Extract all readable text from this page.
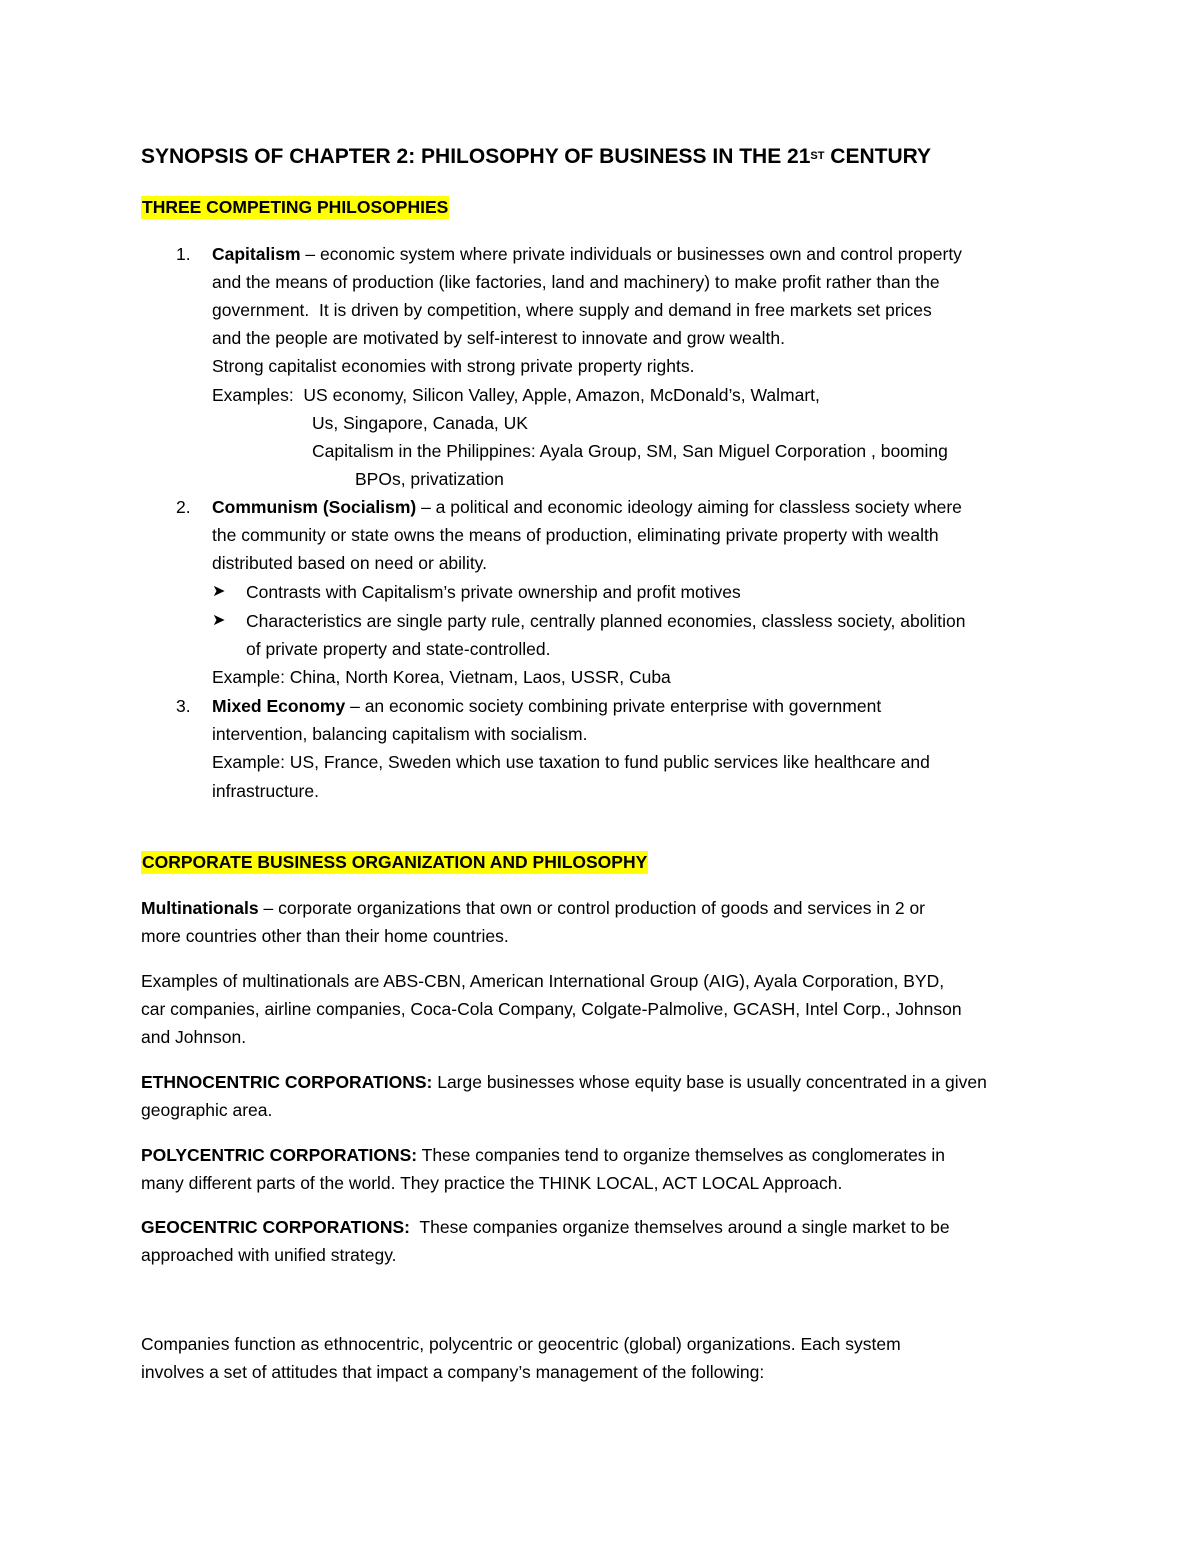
SYNOPSIS OF CHAPTER 2: PHILOSOPHY OF BUSINESS IN THE 21ST CENTURY
THREE COMPETING PHILOSOPHIES
1. Capitalism – economic system where private individuals or businesses own and control property
and the means of production (like factories, land and machinery) to make profit rather than the
government.  It is driven by competition, where supply and demand in free markets set prices
and the people are motivated by self-interest to innovate and grow wealth.
Strong capitalist economies with strong private property rights.
Examples:  US economy, Silicon Valley, Apple, Amazon, McDonald’s, Walmart,
Us, Singapore, Canada, UK
Capitalism in the Philippines: Ayala Group, SM, San Miguel Corporation , booming
BPOs, privatization
2. Communism (Socialism) – a political and economic ideology aiming for classless society where
the community or state owns the means of production, eliminating private property with wealth
distributed based on need or ability.
➤ Contrasts with Capitalism’s private ownership and profit motives
➤ Characteristics are single party rule, centrally planned economies, classless society, abolition
of private property and state-controlled.
Example: China, North Korea, Vietnam, Laos, USSR, Cuba
3. Mixed Economy – an economic society combining private enterprise with government
intervention, balancing capitalism with socialism.
Example: US, France, Sweden which use taxation to fund public services like healthcare and
infrastructure.
CORPORATE BUSINESS ORGANIZATION AND PHILOSOPHY
Multinationals – corporate organizations that own or control production of goods and services in 2 or
more countries other than their home countries.
Examples of multinationals are ABS-CBN, American International Group (AIG), Ayala Corporation, BYD,
car companies, airline companies, Coca-Cola Company, Colgate-Palmolive, GCASH, Intel Corp., Johnson
and Johnson.
ETHNOCENTRIC CORPORATIONS: Large businesses whose equity base is usually concentrated in a given
geographic area.
POLYCENTRIC CORPORATIONS: These companies tend to organize themselves as conglomerates in
many different parts of the world. They practice the THINK LOCAL, ACT LOCAL Approach.
GEOCENTRIC CORPORATIONS:  These companies organize themselves around a single market to be
approached with unified strategy.
Companies function as ethnocentric, polycentric or geocentric (global) organizations. Each system
involves a set of attitudes that impact a company’s management of the following:
